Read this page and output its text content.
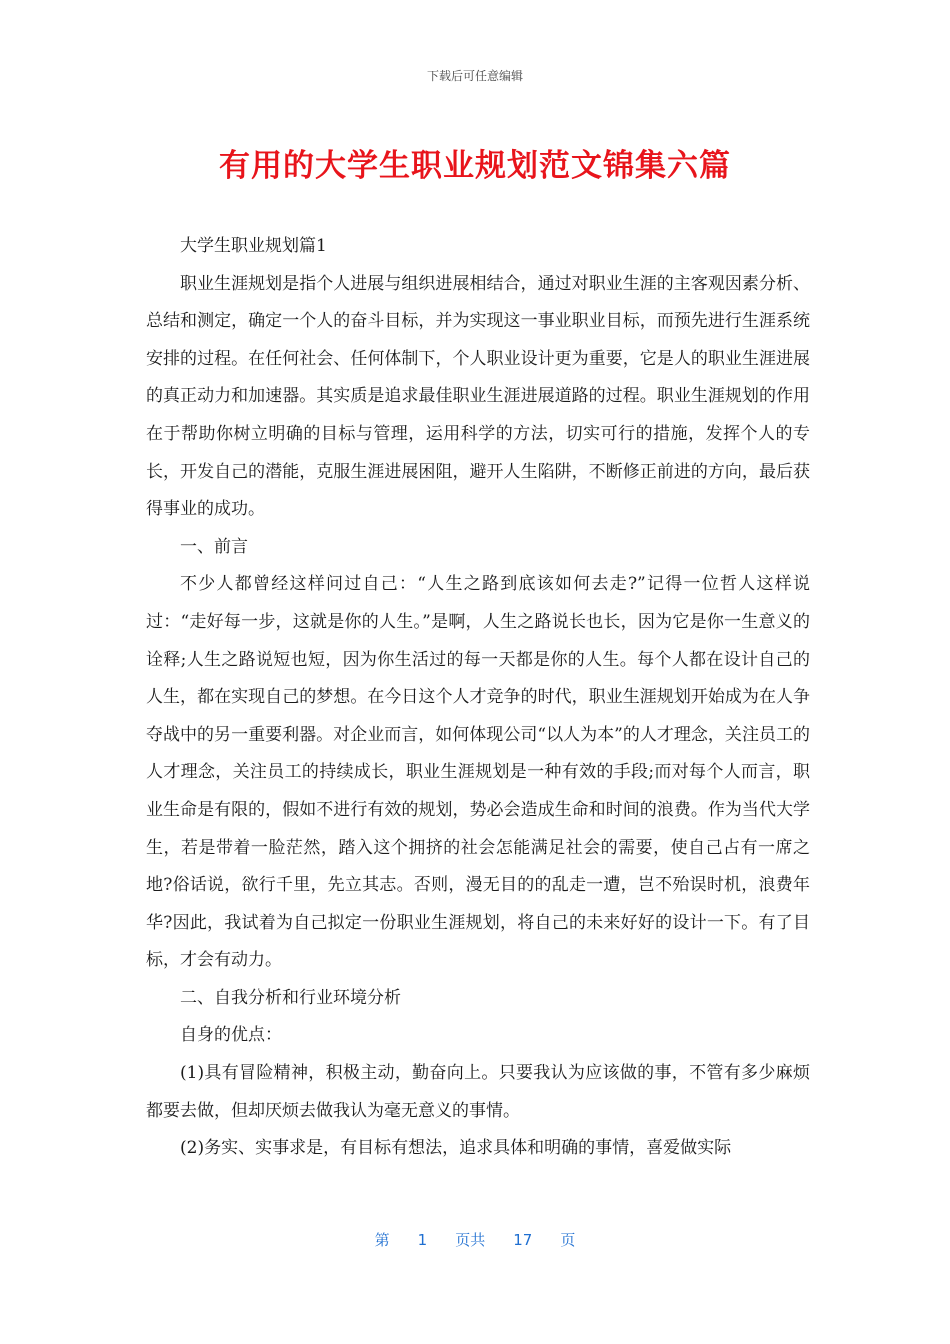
下载后可任意编辑
有用的大学生职业规划范文锦集六篇

大学生职业规划篇1

职业生涯规划是指个人进展与组织进展相结合，通过对职业生涯的主客观因素分析、总结和测定，确定一个人的奋斗目标，并为实现这一事业职业目标，而预先进行生涯系统安排的过程。在任何社会、任何体制下，个人职业设计更为重要，它是人的职业生涯进展的真正动力和加速器。其实质是追求最佳职业生涯进展道路的过程。职业生涯规划的作用在于帮助你树立明确的目标与管理，运用科学的方法，切实可行的措施，发挥个人的专长，开发自己的潜能，克服生涯进展困阻，避开人生陷阱，不断修正前进的方向，最后获得事业的成功。

一、前言

不少人都曾经这样问过自己：“人生之路到底该如何去走?”记得一位哲人这样说过：“走好每一步，这就是你的人生。”是啊，人生之路说长也长，因为它是你一生意义的诠释;人生之路说短也短，因为你生活过的每一天都是你的人生。每个人都在设计自己的人生，都在实现自己的梦想。在今日这个人才竞争的时代，职业生涯规划开始成为在人争夺战中的另一重要利器。对企业而言，如何体现公司“以人为本”的人才理念，关注员工的人才理念，关注员工的持续成长，职业生涯规划是一种有效的手段;而对每个人而言，职业生命是有限的，假如不进行有效的规划，势必会造成生命和时间的浪费。作为当代大学生，若是带着一脸茫然，踏入这个拥挤的社会怎能满足社会的需要，使自己占有一席之地?俗话说，欲行千里，先立其志。否则，漫无目的的乱走一遭，岂不殆误时机，浪费年华?因此，我试着为自己拟定一份职业生涯规划，将自己的未来好好的设计一下。有了目标，才会有动力。

二、自我分析和行业环境分析

自身的优点：

(1)具有冒险精神，积极主动，勤奋向上。只要我认为应该做的事，不管有多少麻烦都要去做，但却厌烦去做我认为毫无意义的事情。

(2)务实、实事求是，有目标有想法，追求具体和明确的事情，喜爱做实际

第 1 页共 17 页
